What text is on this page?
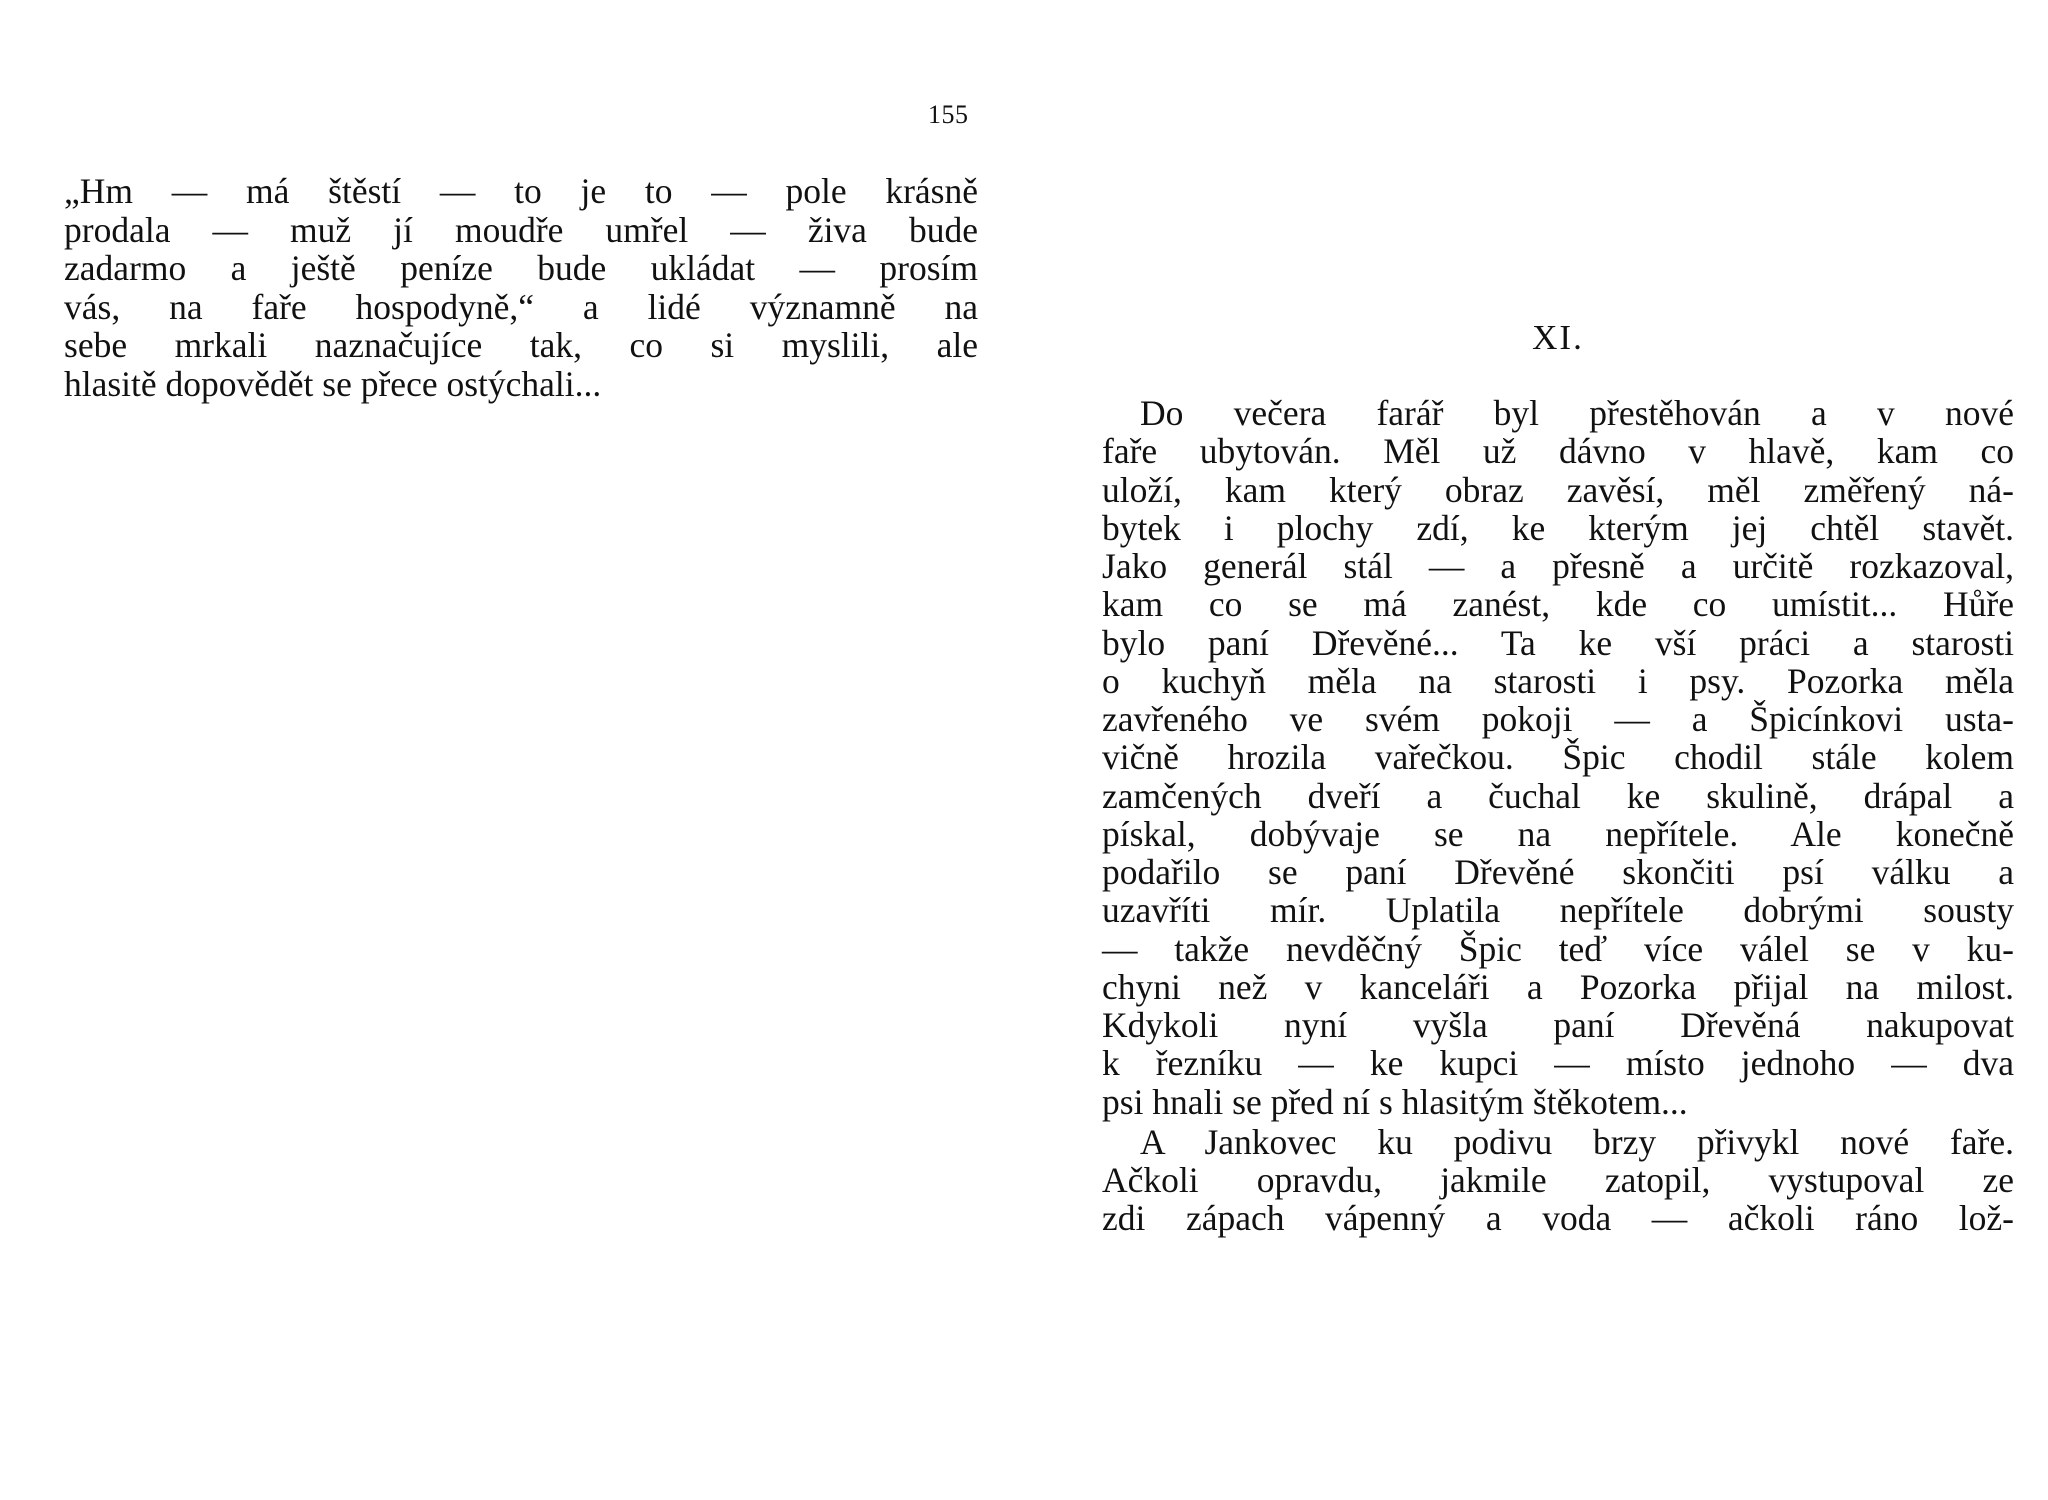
155
„Hm — má štěstí — to je to — pole krásně
prodala — muž jí moudře umřel — živa bude
zadarmo a ještě peníze bude ukládat — prosím
vás, na faře hospodyně,“ a lidé významně na
sebe mrkali naznačujíce tak, co si myslili, ale
hlasitě dopovědět se přece ostýchali...
XI.
Do večera farář byl přestěhován a v nové
faře ubytován. Měl už dávno v hlavě, kam co
uloží, kam který obraz zavěsí, měl změřený ná-
bytek i plochy zdí, ke kterým jej chtěl stavět.
Jako generál stál — a přesně a určitě rozkazoval,
kam co se má zanést, kde co umístit... Hůře
bylo paní Dřevěné... Ta ke vší práci a starosti
o kuchyň měla na starosti i psy. Pozorka měla
zavřeného ve svém pokoji — a Špicínkovi usta-
vičně hrozila vařečkou. Špic chodil stále kolem
zamčených dveří a čuchal ke skulině, drápal a
pískal, dobývaje se na nepřítele. Ale konečně
podařilo se paní Dřevěné skončiti psí válku a
uzavříti mír. Uplatila nepřítele dobrými sousty
— takže nevděčný Špic teď více válel se v ku-
chyni než v kanceláři a Pozorka přijal na milost.
Kdykoli nyní vyšla paní Dřevěná nakupovat
k řezníku — ke kupci — místo jednoho — dva
psi hnali se před ní s hlasitým štěkotem...
A Jankovec ku podivu brzy přivykl nové faře.
Ačkoli opravdu, jakmile zatopil, vystupoval ze
zdi zápach vápenný a voda — ačkoli ráno lož-
